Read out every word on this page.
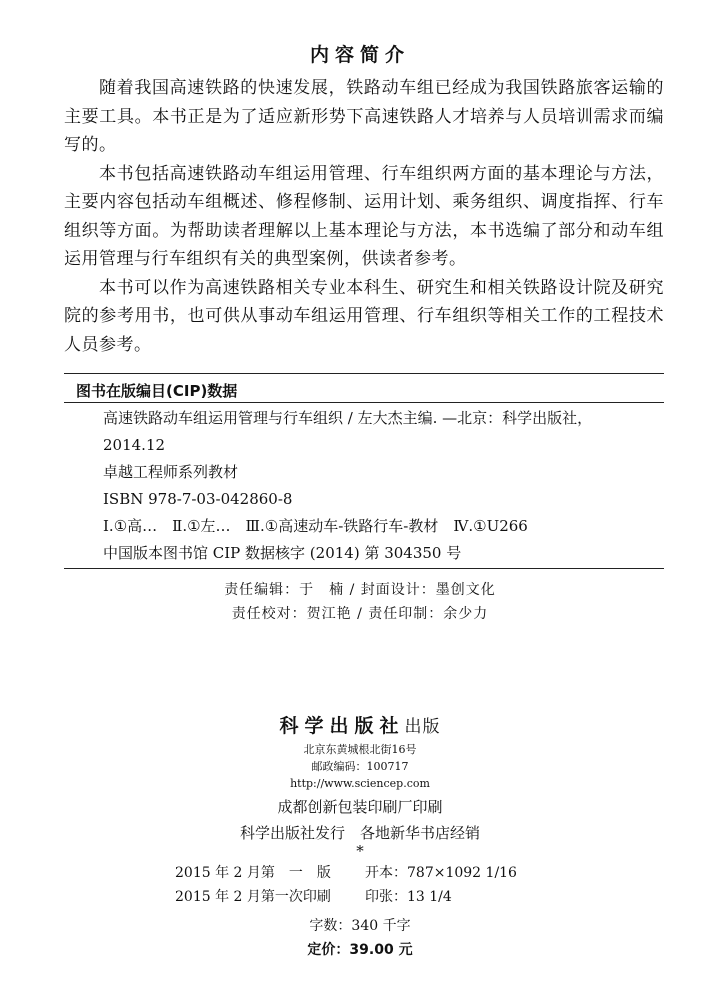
内容简介

随着我国高速铁路的快速发展，铁路动车组已经成为我国铁路旅客运输的主要工具。本书正是为了适应新形势下高速铁路人才培养与人员培训需求而编写的。

本书包括高速铁路动车组运用管理、行车组织两方面的基本理论与方法，主要内容包括动车组概述、修程修制、运用计划、乘务组织、调度指挥、行车组织等方面。为帮助读者理解以上基本理论与方法，本书选编了部分和动车组运用管理与行车组织有关的典型案例，供读者参考。

本书可以作为高速铁路相关专业本科生、研究生和相关铁路设计院及研究院的参考用书，也可供从事动车组运用管理、行车组织等相关工作的工程技术人员参考。

图书在版编目(CIP)数据
高速铁路动车组运用管理与行车组织 / 左大杰主编. —北京：科学出版社，2014.12
卓越工程师系列教材
ISBN 978-7-03-042860-8
Ⅰ.①高…　Ⅱ.①左…　Ⅲ.①高速动车-铁路行车-教材　Ⅳ.①U266
中国版本图书馆 CIP 数据核字 (2014) 第 304350 号
责任编辑：于　楠 / 封面设计：墨创文化
责任校对：贺江艳 / 责任印制：余少力
科学出版社出版
北京东黄城根北街16号
邮政编码：100717
http://www.sciencep.com
成都创新包装印刷厂印刷
科学出版社发行　各地新华书店经销
*
2015 年 2 月第　一　版 开本：787×1092 1/16
2015 年 2 月第一次印刷 印张：13 1/4
字数：340 千字
定价：39.00 元
